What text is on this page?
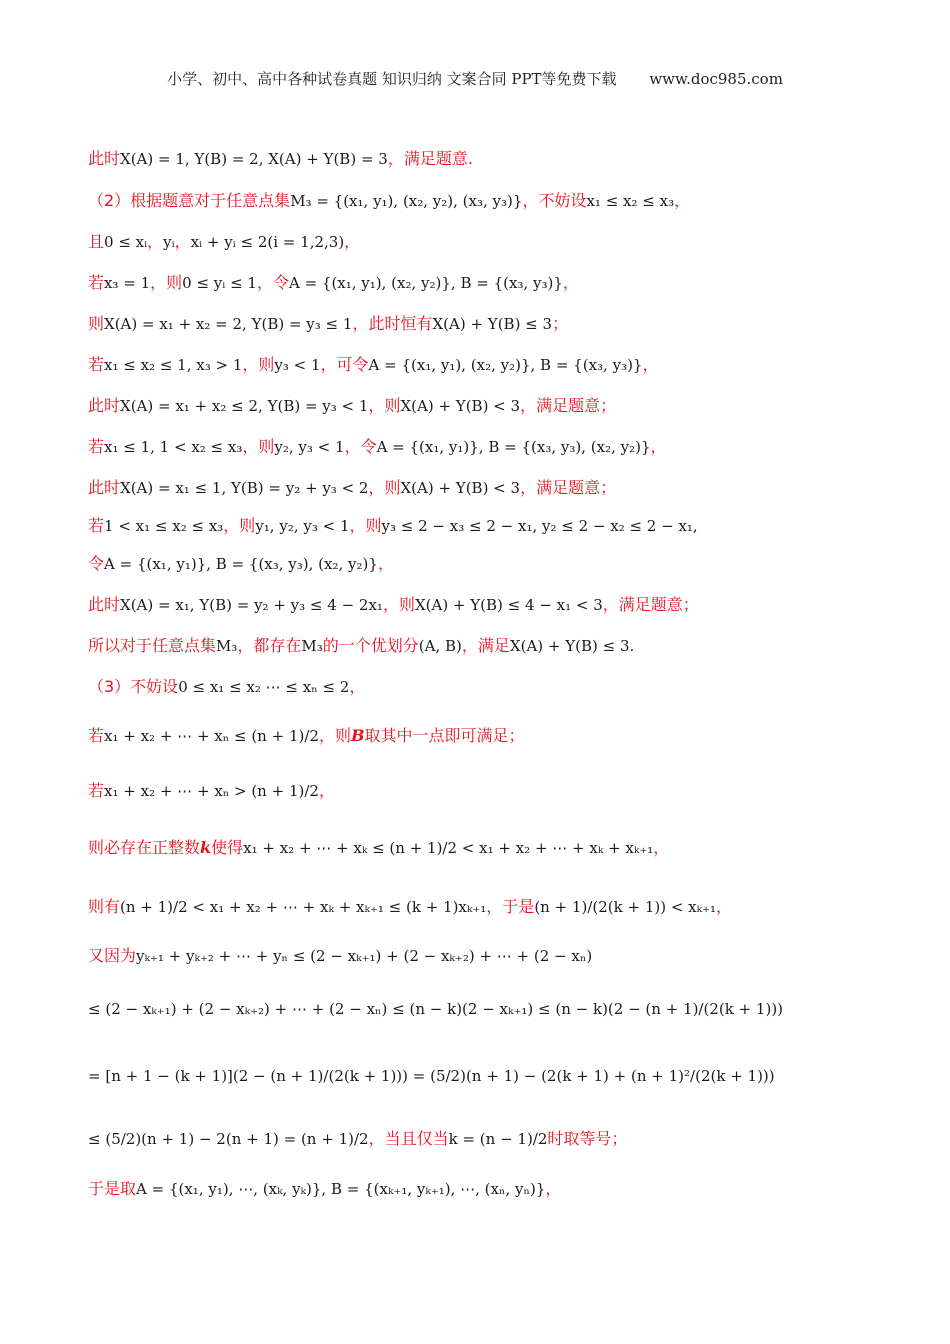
小学、初中、高中各种试卷真题 知识归纳 文案合同 PPT等免费下载 www.doc985.com
此时X(A) = 1, Y(B) = 2, X(A) + Y(B) = 3，满足题意.
（2）根据题意对于任意点集M₃ = {(x₁, y₁), (x₂, y₂), (x₃, y₃)}，不妨设x₁ ≤ x₂ ≤ x₃，
且0 ≤ xᵢ，yᵢ，xᵢ + yᵢ ≤ 2(i = 1,2,3)，
若x₃ = 1，则0 ≤ yᵢ ≤ 1，令A = {(x₁, y₁), (x₂, y₂)}, B = {(x₃, y₃)}，
则X(A) = x₁ + x₂ = 2, Y(B) = y₃ ≤ 1，此时恒有X(A) + Y(B) ≤ 3；
若x₁ ≤ x₂ ≤ 1, x₃ > 1，则y₃ < 1，可令A = {(x₁, y₁), (x₂, y₂)}, B = {(x₃, y₃)}，
此时X(A) = x₁ + x₂ ≤ 2, Y(B) = y₃ < 1，则X(A) + Y(B) < 3，满足题意；
若x₁ ≤ 1, 1 < x₂ ≤ x₃，则y₂, y₃ < 1，令A = {(x₁, y₁)}, B = {(x₃, y₃), (x₂, y₂)}，
此时X(A) = x₁ ≤ 1, Y(B) = y₂ + y₃ < 2，则X(A) + Y(B) < 3，满足题意；
若1 < x₁ ≤ x₂ ≤ x₃，则y₁, y₂, y₃ < 1，则y₃ ≤ 2 − x₃ ≤ 2 − x₁, y₂ ≤ 2 − x₂ ≤ 2 − x₁,
令A = {(x₁, y₁)}, B = {(x₃, y₃), (x₂, y₂)}，
此时X(A) = x₁, Y(B) = y₂ + y₃ ≤ 4 − 2x₁，则X(A) + Y(B) ≤ 4 − x₁ < 3，满足题意；
所以对于任意点集M₃，都存在M₃的一个优划分(A, B)，满足X(A) + Y(B) ≤ 3.
（3）不妨设0 ≤ x₁ ≤ x₂ ⋯ ≤ xₙ ≤ 2，
若x₁ + x₂ + ⋯ + xₙ ≤ (n + 1)/2，则B取其中一点即可满足；
若x₁ + x₂ + ⋯ + xₙ > (n + 1)/2，
则必存在正整数k使得x₁ + x₂ + ⋯ + xₖ ≤ (n + 1)/2 < x₁ + x₂ + ⋯ + xₖ + xₖ₊₁，
则有(n + 1)/2 < x₁ + x₂ + ⋯ + xₖ + xₖ₊₁ ≤ (k + 1)xₖ₊₁，于是(n + 1)/(2(k + 1)) < xₖ₊₁，
又因为yₖ₊₁ + yₖ₊₂ + ⋯ + yₙ ≤ (2 − xₖ₊₁) + (2 − xₖ₊₂) + ⋯ + (2 − xₙ)
≤ (2 − xₖ₊₁) + (2 − xₖ₊₂) + ⋯ + (2 − xₙ) ≤ (n − k)(2 − xₖ₊₁) ≤ (n − k)(2 − (n + 1)/(2(k + 1)))
= [n + 1 − (k + 1)](2 − (n + 1)/(2(k + 1))) = (5/2)(n + 1) − (2(k + 1) + (n + 1)²/(2(k + 1)))
≤ (5/2)(n + 1) − 2(n + 1) = (n + 1)/2，当且仅当k = (n − 1)/2时取等号；
于是取A = {(x₁, y₁), ⋯, (xₖ, yₖ)}, B = {(xₖ₊₁, yₖ₊₁), ⋯, (xₙ, yₙ)}，
